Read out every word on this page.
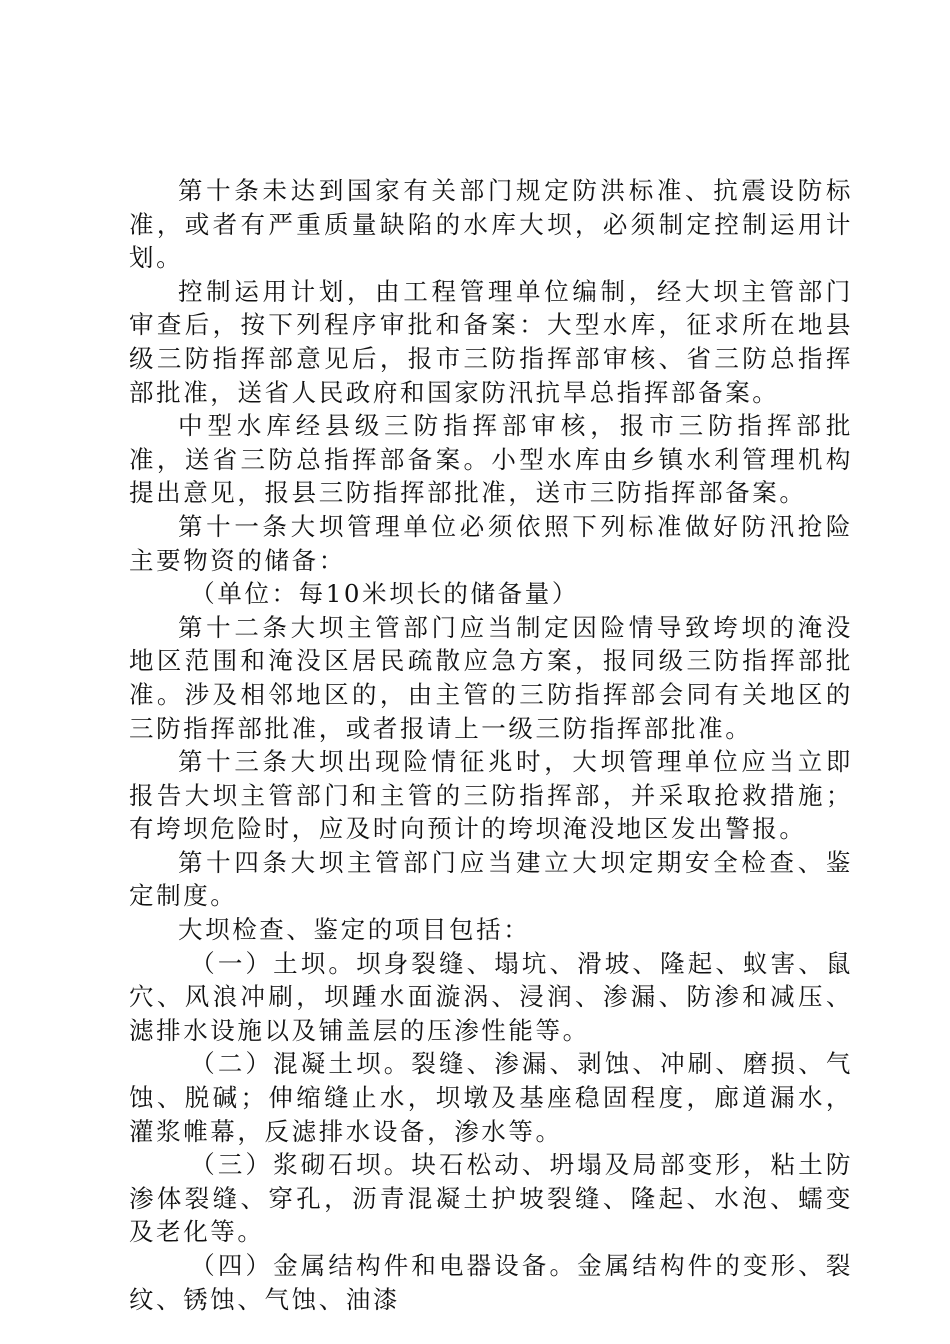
第十条未达到国家有关部门规定防洪标准、抗震设防标准，或者有严重质量缺陷的水库大坝，必须制定控制运用计划。

控制运用计划，由工程管理单位编制，经大坝主管部门审查后，按下列程序审批和备案：大型水库，征求所在地县级三防指挥部意见后，报市三防指挥部审核、省三防总指挥部批准，送省人民政府和国家防汛抗旱总指挥部备案。

中型水库经县级三防指挥部审核，报市三防指挥部批准，送省三防总指挥部备案。小型水库由乡镇水利管理机构提出意见，报县三防指挥部批准，送市三防指挥部备案。

第十一条大坝管理单位必须依照下列标准做好防汛抢险主要物资的储备：

（单位：每10米坝长的储备量）

第十二条大坝主管部门应当制定因险情导致垮坝的淹没地区范围和淹没区居民疏散应急方案，报同级三防指挥部批准。涉及相邻地区的，由主管的三防指挥部会同有关地区的三防指挥部批准，或者报请上一级三防指挥部批准。

第十三条大坝出现险情征兆时，大坝管理单位应当立即报告大坝主管部门和主管的三防指挥部，并采取抢救措施；有垮坝危险时，应及时向预计的垮坝淹没地区发出警报。

第十四条大坝主管部门应当建立大坝定期安全检查、鉴定制度。

大坝检查、鉴定的项目包括：

（一）土坝。坝身裂缝、塌坑、滑坡、隆起、蚁害、鼠穴、风浪冲刷，坝踵水面漩涡、浸润、渗漏、防渗和减压、滤排水设施以及铺盖层的压渗性能等。

（二）混凝土坝。裂缝、渗漏、剥蚀、冲刷、磨损、气蚀、脱碱；伸缩缝止水，坝墩及基座稳固程度，廊道漏水，灌浆帷幕，反滤排水设备，渗水等。

（三）浆砌石坝。块石松动、坍塌及局部变形，粘土防渗体裂缝、穿孔，沥青混凝土护坡裂缝、隆起、水泡、蠕变及老化等。

（四）金属结构件和电器设备。金属结构件的变形、裂纹、锈蚀、气蚀、油漆
